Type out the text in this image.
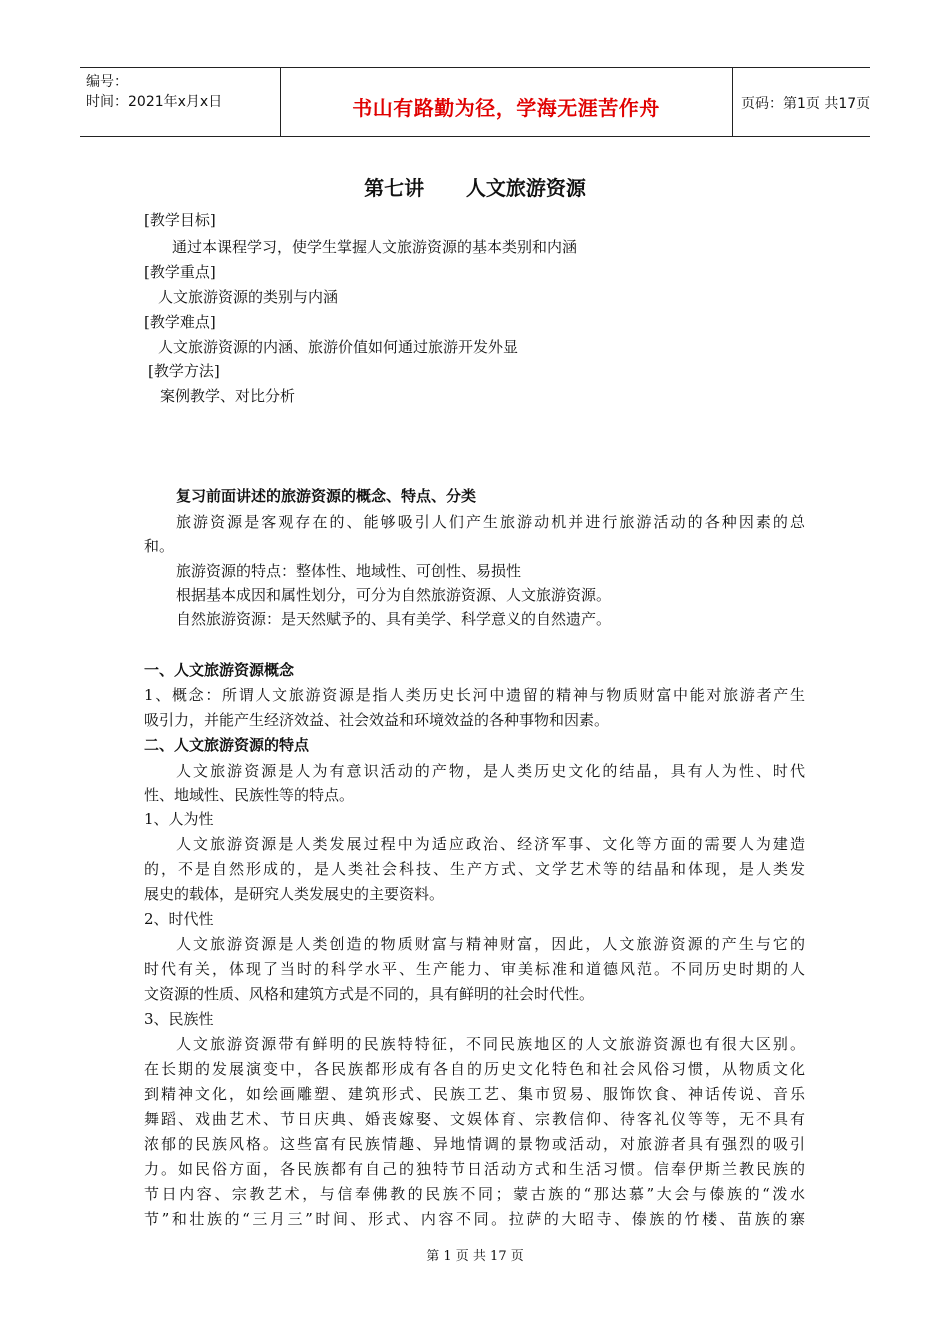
编号：
时间：2021年x月x日	书山有路勤为径，学海无涯苦作舟	页码：第1页 共17页
第七讲      人文旅游资源
[教学目标]
通过本课程学习，使学生掌握人文旅游资源的基本类别和内涵
[教学重点]
人文旅游资源的类别与内涵
[教学难点]
人文旅游资源的内涵、旅游价值如何通过旅游开发外显
[教学方法]
案例教学、对比分析
复习前面讲述的旅游资源的概念、特点、分类
旅游资源是客观存在的、能够吸引人们产生旅游动机并进行旅游活动的各种因素的总
和。
旅游资源的特点：整体性、地域性、可创性、易损性
根据基本成因和属性划分，可分为自然旅游资源、人文旅游资源。
自然旅游资源：是天然赋予的、具有美学、科学意义的自然遗产。
一、人文旅游资源概念
1、概念：所谓人文旅游资源是指人类历史长河中遗留的精神与物质财富中能对旅游者产生
吸引力，并能产生经济效益、社会效益和环境效益的各种事物和因素。
二、人文旅游资源的特点
人文旅游资源是人为有意识活动的产物，是人类历史文化的结晶，具有人为性、时代
性、地域性、民族性等的特点。
1、人为性
人文旅游资源是人类发展过程中为适应政治、经济军事、文化等方面的需要人为建造
的，不是自然形成的，是人类社会科技、生产方式、文学艺术等的结晶和体现，是人类发
展史的载体，是研究人类发展史的主要资料。
2、时代性
人文旅游资源是人类创造的物质财富与精神财富，因此，人文旅游资源的产生与它的
时代有关，体现了当时的科学水平、生产能力、审美标准和道德风范。不同历史时期的人
文资源的性质、风格和建筑方式是不同的，具有鲜明的社会时代性。
3、民族性
人文旅游资源带有鲜明的民族特特征，不同民族地区的人文旅游资源也有很大区别。
在长期的发展演变中，各民族都形成有各自的历史文化特色和社会风俗习惯，从物质文化
到精神文化，如绘画雕塑、建筑形式、民族工艺、集市贸易、服饰饮食、神话传说、音乐
舞蹈、戏曲艺术、节日庆典、婚丧嫁娶、文娱体育、宗教信仰、待客礼仪等等，无不具有
浓郁的民族风格。这些富有民族情趣、异地情调的景物或活动，对旅游者具有强烈的吸引
力。如民俗方面，各民族都有自己的独特节日活动方式和生活习惯。信奉伊斯兰教民族的
节日内容、宗教艺术，与信奉佛教的民族不同；蒙古族的“那达慕”大会与傣族的“泼水
节”和壮族的“三月三”时间、形式、内容不同。拉萨的大昭寺、傣族的竹楼、苗族的寨
第 1 页 共 17 页
